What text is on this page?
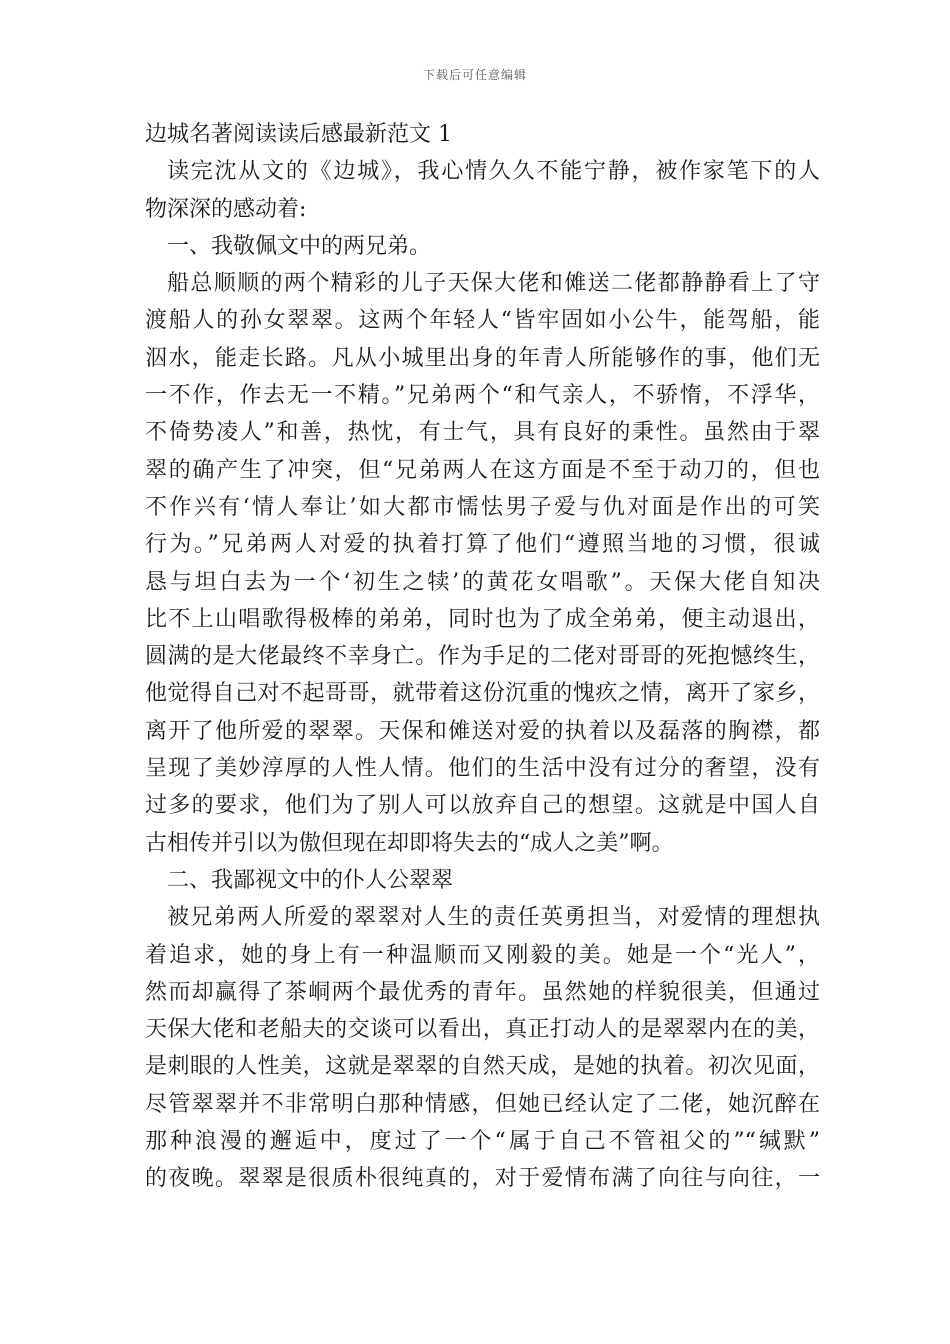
下载后可任意编辑
边城名著阅读读后感最新范文 1
读完沈从文的《边城》，我心情久久不能宁静，被作家笔下的人
物深深的感动着:
一、我敬佩文中的两兄弟。
船总顺顺的两个精彩的儿子天保大佬和傩送二佬都静静看上了守
渡船人的孙女翠翠。这两个年轻人“皆牢固如小公牛，能驾船，能
泅水，能走长路。凡从小城里出身的年青人所能够作的事，他们无
一不作，作去无一不精。”兄弟两个“和气亲人，不骄惰，不浮华，
不倚势凌人”和善，热忱，有士气，具有良好的秉性。虽然由于翠
翠的确产生了冲突，但“兄弟两人在这方面是不至于动刀的，但也
不作兴有‘情人奉让’如大都市懦怯男子爱与仇对面是作出的可笑
行为。”兄弟两人对爱的执着打算了他们“遵照当地的习惯，很诚
恳与坦白去为一个‘初生之犊’的黄花女唱歌”。天保大佬自知决
比不上山唱歌得极棒的弟弟，同时也为了成全弟弟，便主动退出，
圆满的是大佬最终不幸身亡。作为手足的二佬对哥哥的死抱憾终生，
他觉得自己对不起哥哥，就带着这份沉重的愧疚之情，离开了家乡，
离开了他所爱的翠翠。天保和傩送对爱的执着以及磊落的胸襟，都
呈现了美妙淳厚的人性人情。他们的生活中没有过分的奢望，没有
过多的要求，他们为了别人可以放弃自己的想望。这就是中国人自
古相传并引以为傲但现在却即将失去的“成人之美”啊。
二、我鄙视文中的仆人公翠翠
被兄弟两人所爱的翠翠对人生的责任英勇担当，对爱情的理想执
着追求，她的身上有一种温顺而又刚毅的美。她是一个“光人”，
然而却赢得了茶峒两个最优秀的青年。虽然她的样貌很美，但通过
天保大佬和老船夫的交谈可以看出，真正打动人的是翠翠内在的美，
是刺眼的人性美，这就是翠翠的自然天成，是她的执着。初次见面，
尽管翠翠并不非常明白那种情感，但她已经认定了二佬，她沉醉在
那种浪漫的邂逅中，度过了一个“属于自己不管祖父的”“缄默”
的夜晚。翠翠是很质朴很纯真的，对于爱情布满了向往与向往，一
